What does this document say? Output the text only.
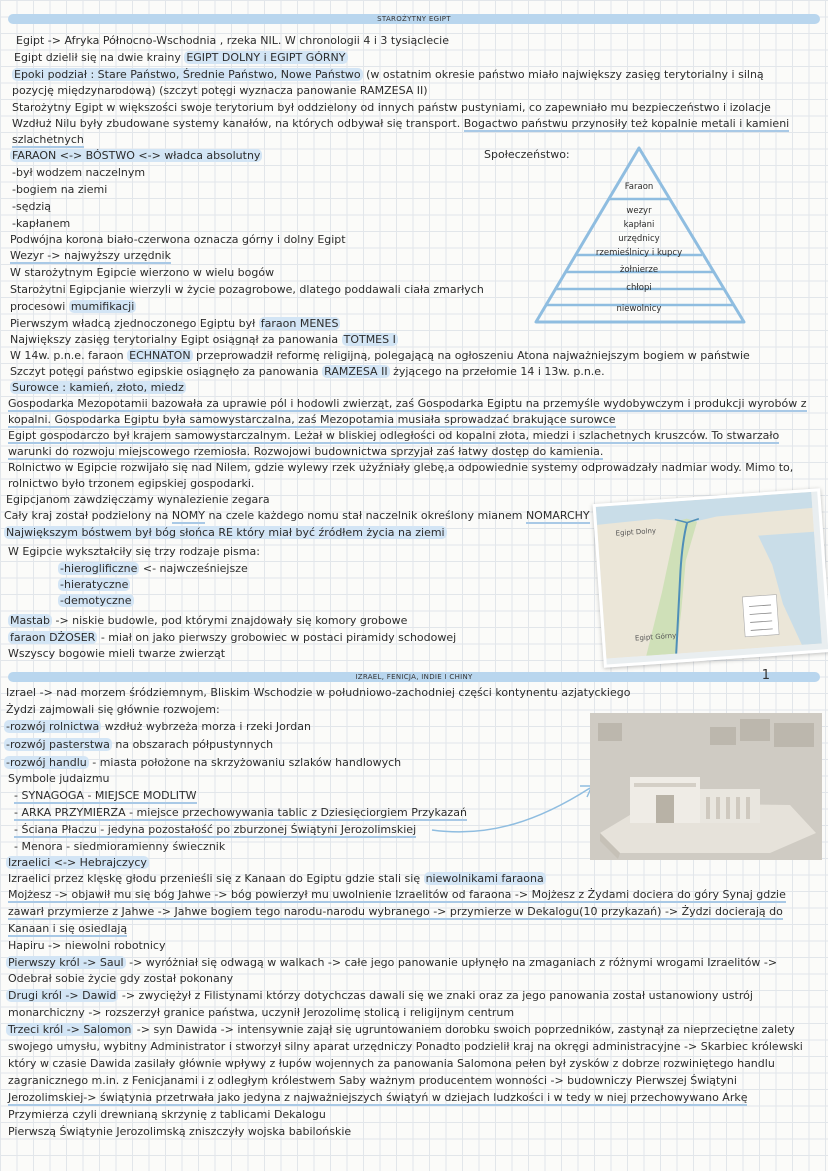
STAROŻYTNY EGIPT
Egipt -> Afryka Północno-Wschodnia , rzeka NIL. W chronologii 4 i 3 tysiąclecie
Egipt dzielił się na dwie krainy EGIPT DOLNY i EGIPT GÓRNY
Epoki podział : Stare Państwo, Średnie Państwo, Nowe Państwo (w ostatnim okresie państwo miało największy zasięg terytorialny i silną
pozycję międzynarodową) (szczyt potęgi wyznacza panowanie RAMZESA II)
Starożytny Egipt w większości swoje terytorium był oddzielony od innych państw pustyniami, co zapewniało mu bezpieczeństwo i izolacje
Wzdłuż Nilu były zbudowane systemy kanałów, na których odbywał się transport. Bogactwo państwu przynosiły też kopalnie metali i kamieni
szlachetnych
FARAON <-> BÓSTWO <-> władca absolutny
-był wodzem naczelnym
-bogiem na ziemi
-sędzią
-kapłanem
Podwójna korona biało-czerwona oznacza górny i dolny Egipt
Wezyr -> najwyższy urzędnik
W starożytnym Egipcie wierzono w wielu bogów
Starożytni Egipcjanie wierzyli w życie pozagrobowe, dlatego poddawali ciała zmarłych
procesowi mumifikacji
Pierwszym władcą zjednoczonego Egiptu był faraon MENES
Największy zasięg terytorialny Egipt osiągnął za panowania TOTMES I
W 14w. p.n.e. faraon ECHNATON przeprowadził reformę religijną, polegającą na ogłoszeniu Atona najważniejszym bogiem w państwie
Szczyt potęgi państwo egipskie osiągnęło za panowania RAMZESA II żyjącego na przełomie 14 i 13w. p.n.e.
Surowce : kamień, złoto, miedz
Gospodarka Mezopotamii bazowała za uprawie pól i hodowli zwierząt, zaś Gospodarka Egiptu na przemyśle wydobywczym i produkcji wyrobów z
kopalni. Gospodarka Egiptu była samowystarczalna, zaś Mezopotamia musiała sprowadzać brakujące surowce
Egipt gospodarczo był krajem samowystarczalnym. Leżał w bliskiej odległości od kopalni złota, miedzi i szlachetnych kruszców. To stwarzało
warunki do rozwoju miejscowego rzemiosła. Rozwojowi budownictwa sprzyjał zaś łatwy dostęp do kamienia.
Rolnictwo w Egipcie rozwijało się nad Nilem, gdzie wylewy rzek użyźniały glebę,a odpowiednie systemy odprowadzały nadmiar wody. Mimo to,
rolnictwo było trzonem egipskiej gospodarki.
Egipcjanom zawdzięczamy wynalezienie zegara
Cały kraj został podzielony na NOMY na czele każdego nomu stał naczelnik określony mianem NOMARCHY
Największym bóstwem był bóg słońca RE który miał być źródłem życia na ziemi
W Egipcie wykształciły się trzy rodzaje pisma:
-hieroglificzne <- najwcześniejsze
-hieratyczne
-demotyczne
Mastab -> niskie budowle, pod którymi znajdowały się komory grobowe
faraon DŻOSER - miał on jako pierwszy grobowiec w postaci piramidy schodowej
Wszyscy bogowie mieli twarze zwierząt
Społeczeństwo:
Faraon
wezyr
kapłani
urzędnicy
rzemieślnicy i kupcy
żołnierze
chłopi
niewolnicy
Egipt Dolny
Egipt Górny
IZRAEL, FENICJA, INDIE I CHINY	1
Izrael -> nad morzem śródziemnym, Bliskim Wschodzie w południowo-zachodniej części kontynentu azjatyckiego
Żydzi zajmowali się głównie rozwojem:
-rozwój rolnictwa wzdłuż wybrzeża morza i rzeki Jordan
-rozwój pasterstwa na obszarach półpustynnych
-rozwój handlu - miasta położone na skrzyżowaniu szlaków handlowych
Symbole judaizmu
- SYNAGOGA - MIEJSCE MODLITW
- ARKA PRZYMIERZA - miejsce przechowywania tablic z Dziesięciorgiem Przykazań
- Ściana Płaczu - jedyna pozostałość po zburzonej Świątyni Jerozolimskiej
- Menora - siedmioramienny świecznik
Izraelici <-> Hebrajczycy
Izraelici przez klęskę głodu przenieśli się z Kanaan do Egiptu gdzie stali się niewolnikami faraona
Mojżesz -> objawił mu się bóg Jahwe -> bóg powierzył mu uwolnienie Izraelitów od faraona -> Mojżesz z Żydami dociera do góry Synaj gdzie
zawarł przymierze z Jahwe -> Jahwe bogiem tego narodu-narodu wybranego -> przymierze w Dekalogu(10 przykazań) -> Żydzi docierają do
Kanaan i się osiedlają
Hapiru -> niewolni robotnicy
Pierwszy król -> Saul -> wyróżniał się odwagą w walkach -> całe jego panowanie upłynęło na zmaganiach z różnymi wrogami Izraelitów ->
Odebrał sobie życie gdy został pokonany
Drugi król -> Dawid -> zwyciężył z Filistynami którzy dotychczas dawali się we znaki oraz za jego panowania został ustanowiony ustrój
monarchiczny -> rozszerzył granice państwa, uczynił Jerozolimę stolicą i religijnym centrum
Trzeci król -> Salomon -> syn Dawida -> intensywnie zajął się ugruntowaniem dorobku swoich poprzedników, zastynął za nieprzeciętne zalety
swojego umysłu, wybitny Administrator i stworzył silny aparat urzędniczy Ponadto podzielił kraj na okręgi administracyjne -> Skarbiec królewski
który w czasie Dawida zasilały głównie wpływy z łupów wojennych za panowania Salomona pełen był zysków z dobrze rozwiniętego handlu
zagranicznego m.in. z Fenicjanami i z odległym królestwem Saby ważnym producentem wonności -> budowniczy Pierwszej Świątyni
Jerozolimskiej-> świątynia przetrwała jako jedyna z najważniejszych świątyń w dziejach ludzkości i w tedy w niej przechowywano Arkę
Przymierza czyli drewnianą skrzynię z tablicami Dekalogu
Pierwszą Świątynie Jerozolimską zniszczyły wojska babilońskie
